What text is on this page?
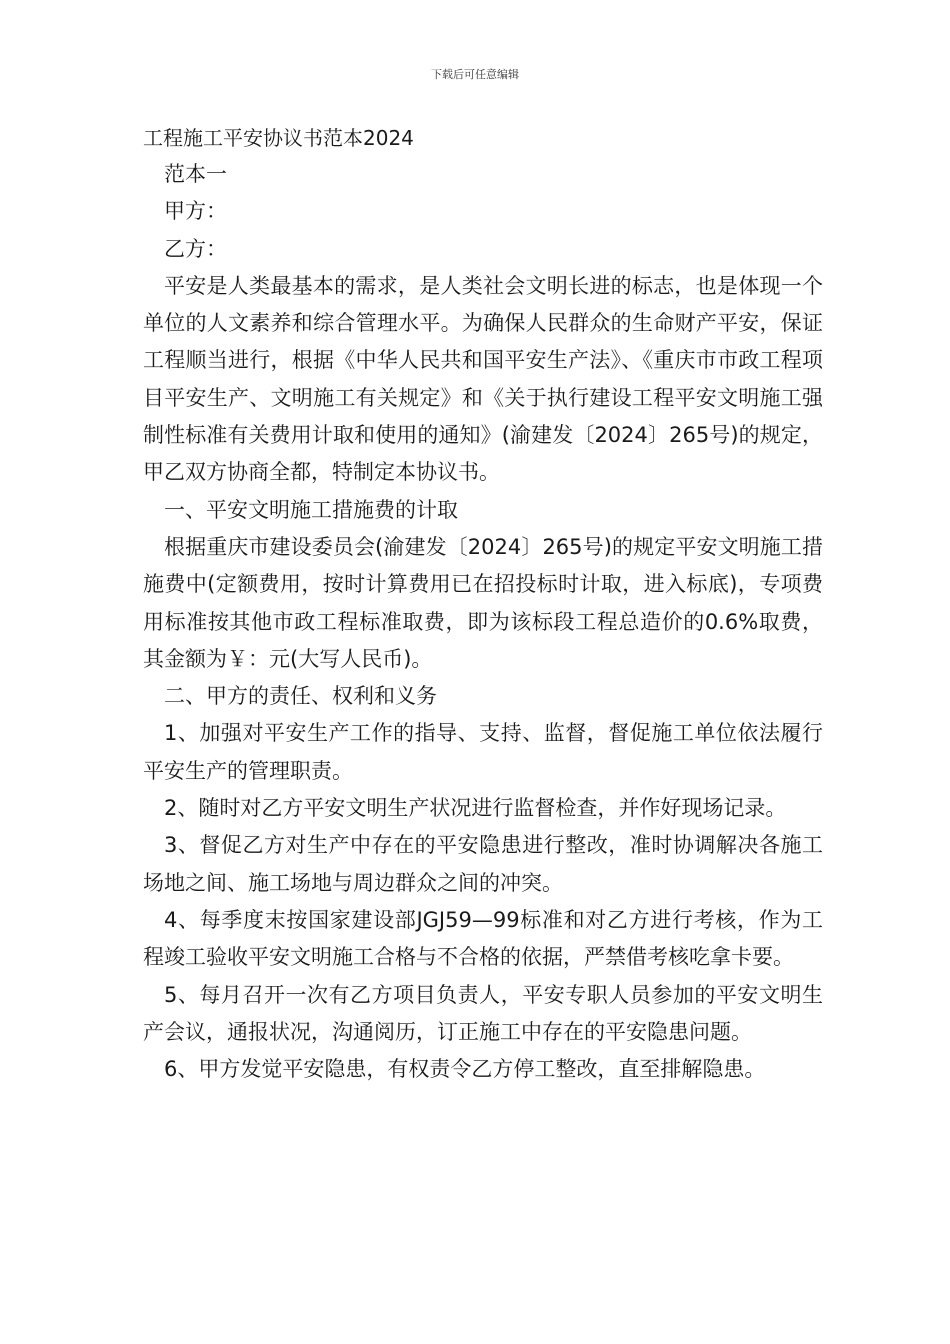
下载后可任意编辑
工程施工平安协议书范本2024

范本一

甲方：

乙方：

平安是人类最基本的需求，是人类社会文明长进的标志，也是体现一个单位的人文素养和综合管理水平。为确保人民群众的生命财产平安，保证工程顺当进行，根据《中华人民共和国平安生产法》、《重庆市市政工程项目平安生产、文明施工有关规定》和《关于执行建设工程平安文明施工强制性标准有关费用计取和使用的通知》(渝建发〔2024〕265号)的规定，甲乙双方协商全都，特制定本协议书。

一、平安文明施工措施费的计取

根据重庆市建设委员会(渝建发〔2024〕265号)的规定平安文明施工措施费中(定额费用，按时计算费用已在招投标时计取，进入标底)，专项费用标准按其他市政工程标准取费，即为该标段工程总造价的0.6%取费，其金额为￥：元(大写人民币)。

二、甲方的责任、权利和义务

1、加强对平安生产工作的指导、支持、监督，督促施工单位依法履行平安生产的管理职责。

2、随时对乙方平安文明生产状况进行监督检查，并作好现场记录。

3、督促乙方对生产中存在的平安隐患进行整改，准时协调解决各施工场地之间、施工场地与周边群众之间的冲突。

4、每季度末按国家建设部JGJ59—99标准和对乙方进行考核，作为工程竣工验收平安文明施工合格与不合格的依据，严禁借考核吃拿卡要。

5、每月召开一次有乙方项目负责人，平安专职人员参加的平安文明生产会议，通报状况，沟通阅历，订正施工中存在的平安隐患问题。

6、甲方发觉平安隐患，有权责令乙方停工整改，直至排解隐患。
